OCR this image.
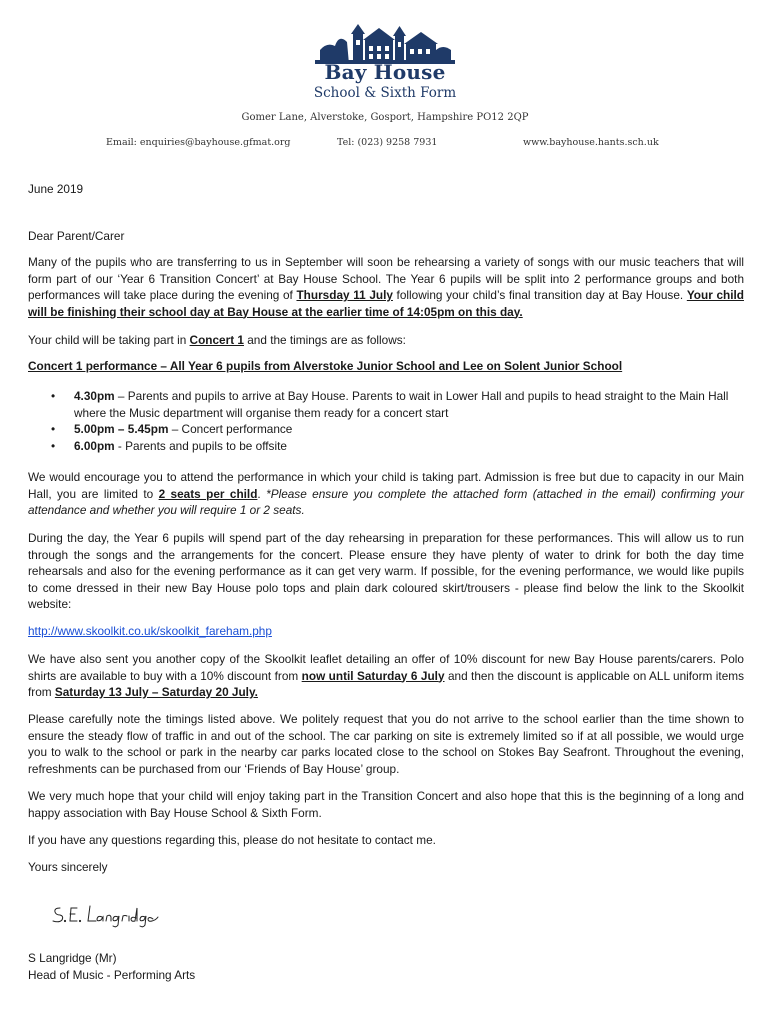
Bay House
School & Sixth Form
Gomer Lane, Alverstoke, Gosport, Hampshire PO12 2QP
Email: enquiries@bayhouse.gfmat.org	Tel: (023) 9258 7931	www.bayhouse.hants.sch.uk
June 2019
Dear Parent/Carer
Many of the pupils who are transferring to us in September will soon be rehearsing a variety of songs with our music teachers that will form part of our ‘Year 6 Transition Concert’ at Bay House School. The Year 6 pupils will be split into 2 performance groups and both performances will take place during the evening of Thursday 11 July following your child’s final transition day at Bay House. Your child will be finishing their school day at Bay House at the earlier time of 14:05pm on this day.
Your child will be taking part in Concert 1 and the timings are as follows:
Concert 1 performance – All Year 6 pupils from Alverstoke Junior School and Lee on Solent Junior School
• 4.30pm – Parents and pupils to arrive at Bay House. Parents to wait in Lower Hall and pupils to head straight to the Main Hall where the Music department will organise them ready for a concert start
• 5.00pm – 5.45pm – Concert performance
• 6.00pm - Parents and pupils to be offsite
We would encourage you to attend the performance in which your child is taking part. Admission is free but due to capacity in our Main Hall, you are limited to 2 seats per child. *Please ensure you complete the attached form (attached in the email) confirming your attendance and whether you will require 1 or 2 seats.
During the day, the Year 6 pupils will spend part of the day rehearsing in preparation for these performances. This will allow us to run through the songs and the arrangements for the concert. Please ensure they have plenty of water to drink for both the day time rehearsals and also for the evening performance as it can get very warm. If possible, for the evening performance, we would like pupils to come dressed in their new Bay House polo tops and plain dark coloured skirt/trousers - please find below the link to the Skoolkit website:
http://www.skoolkit.co.uk/skoolkit_fareham.php
We have also sent you another copy of the Skoolkit leaflet detailing an offer of 10% discount for new Bay House parents/carers. Polo shirts are available to buy with a 10% discount from now until Saturday 6 July and then the discount is applicable on ALL uniform items from Saturday 13 July – Saturday 20 July.
Please carefully note the timings listed above. We politely request that you do not arrive to the school earlier than the time shown to ensure the steady flow of traffic in and out of the school. The car parking on site is extremely limited so if at all possible, we would urge you to walk to the school or park in the nearby car parks located close to the school on Stokes Bay Seafront. Throughout the evening, refreshments can be purchased from our ‘Friends of Bay House’ group.
We very much hope that your child will enjoy taking part in the Transition Concert and also hope that this is the beginning of a long and happy association with Bay House School & Sixth Form.
If you have any questions regarding this, please do not hesitate to contact me.
Yours sincerely
S Langridge (Mr)
Head of Music - Performing Arts
